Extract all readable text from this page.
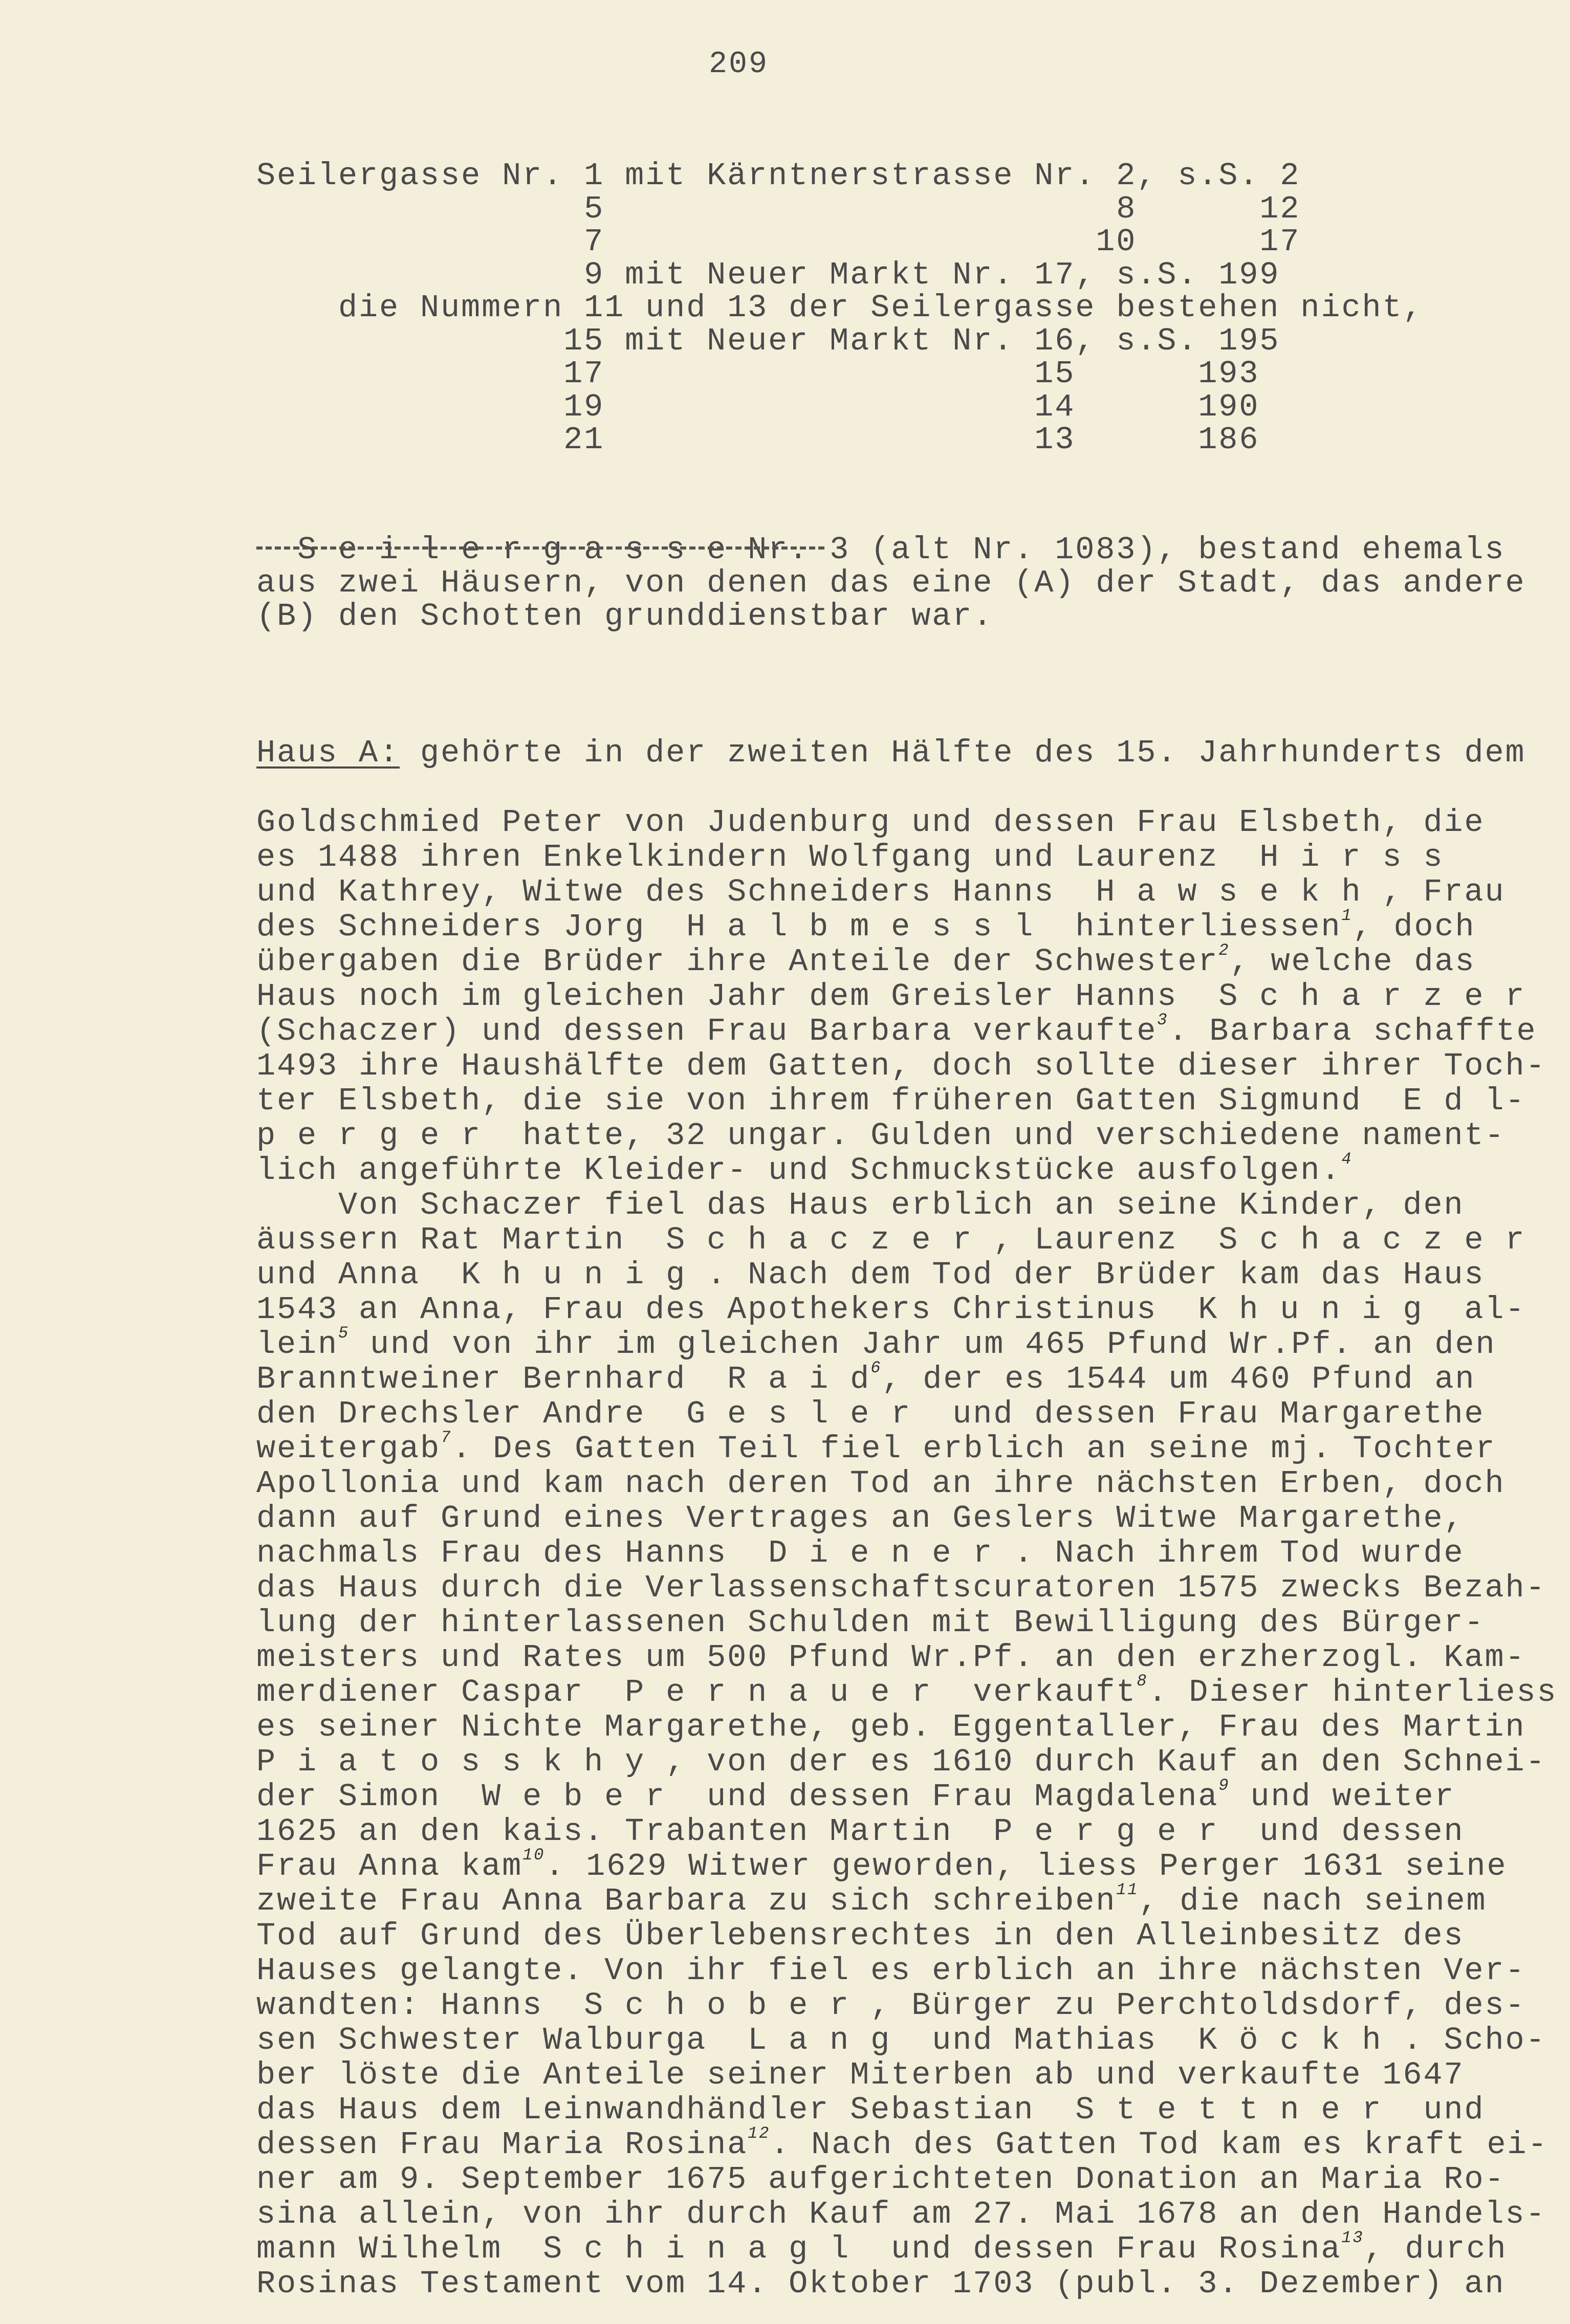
209
Seilergasse Nr. 1 mit Kärntnerstrasse Nr. 2, s.S. 2
5                         8      12
7                        10      17
9 mit Neuer Markt Nr. 17, s.S. 199
die Nummern 11 und 13 der Seilergasse bestehen nicht,
15 mit Neuer Markt Nr. 16, s.S. 195
17                     15      193
19                     14      190
21                     13      186

S e i l e r g a s s e Nr. 3 (alt Nr. 1083), bestand ehemals

aus zwei Häusern, von denen das eine (A) der Stadt, das andere
(B) den Schotten grunddienstbar war.

Haus A: gehörte in der zweiten Hälfte des 15. Jahrhunderts dem

Goldschmied Peter von Judenburg und dessen Frau Elsbeth, die
es 1488 ihren Enkelkindern Wolfgang und Laurenz  H i r s s
und Kathrey, Witwe des Schneiders Hanns  H a w s e k h , Frau
des Schneiders Jorg  H a l b m e s s l  hinterliessen$^1$, doch
übergaben die Brüder ihre Anteile der Schwester$^2$, welche das
Haus noch im gleichen Jahr dem Greisler Hanns  S c h a r z e r
(Schaczer) und dessen Frau Barbara verkaufte$^3$. Barbara schaffte
1493 ihre Haushälfte dem Gatten, doch sollte dieser ihrer Toch-
ter Elsbeth, die sie von ihrem früheren Gatten Sigmund  E d l-
p e r g e r  hatte, 32 ungar. Gulden und verschiedene nament-
lich angeführte Kleider- und Schmuckstücke ausfolgen.$^4$
Von Schaczer fiel das Haus erblich an seine Kinder, den
äussern Rat Martin  S c h a c z e r , Laurenz  S c h a c z e r
und Anna  K h u n i g . Nach dem Tod der Brüder kam das Haus
1543 an Anna, Frau des Apothekers Christinus  K h u n i g  al-
lein$^5$ und von ihr im gleichen Jahr um 465 Pfund Wr.Pf. an den
Branntweiner Bernhard  R a i $d^6$, der es 1544 um 460 Pfund an
den Drechsler Andre  G e s l e r  und dessen Frau Margarethe
weitergab$^7$. Des Gatten Teil fiel erblich an seine mj. Tochter
Apollonia und kam nach deren Tod an ihre nächsten Erben, doch
dann auf Grund eines Vertrages an Geslers Witwe Margarethe,
nachmals Frau des Hanns  D i e n e r . Nach ihrem Tod wurde
das Haus durch die Verlassenschaftscuratoren 1575 zwecks Bezah-
lung der hinterlassenen Schulden mit Bewilligung des Bürger-
meisters und Rates um 500 Pfund Wr.Pf. an den erzherzogl. Kam-
merdiener Caspar  P e r n a u e r  verkauft$^8$. Dieser hinterliess
es seiner Nichte Margarethe, geb. Eggentaller, Frau des Martin
P i a t o s s k h y , von der es 1610 durch Kauf an den Schnei-
der Simon  W e b e r  und dessen Frau Magdalena$^9$ und weiter
1625 an den kais. Trabanten Martin  P e r g e r  und dessen
Frau Anna kam$^{10}$. 1629 Witwer geworden, liess Perger 1631 seine
zweite Frau Anna Barbara zu sich schreiben$^{11}$, die nach seinem
Tod auf Grund des Überlebensrechtes in den Alleinbesitz des
Hauses gelangte. Von ihr fiel es erblich an ihre nächsten Ver-
wandten: Hanns  S c h o b e r , Bürger zu Perchtoldsdorf, des-
sen Schwester Walburga  L a n g  und Mathias  K ö c k h . Scho-
ber löste die Anteile seiner Miterben ab und verkaufte 1647
das Haus dem Leinwandhändler Sebastian  S t e t t n e r  und
dessen Frau Maria Rosina$^{12}$. Nach des Gatten Tod kam es kraft ei-
ner am 9. September 1675 aufgerichteten Donation an Maria Ro-
sina allein, von ihr durch Kauf am 27. Mai 1678 an den Handels-
mann Wilhelm  S c h i n a g l  und dessen Frau Rosina$^{13}$, durch
Rosinas Testament vom 14. Oktober 1703 (publ. 3. Dezember) an
